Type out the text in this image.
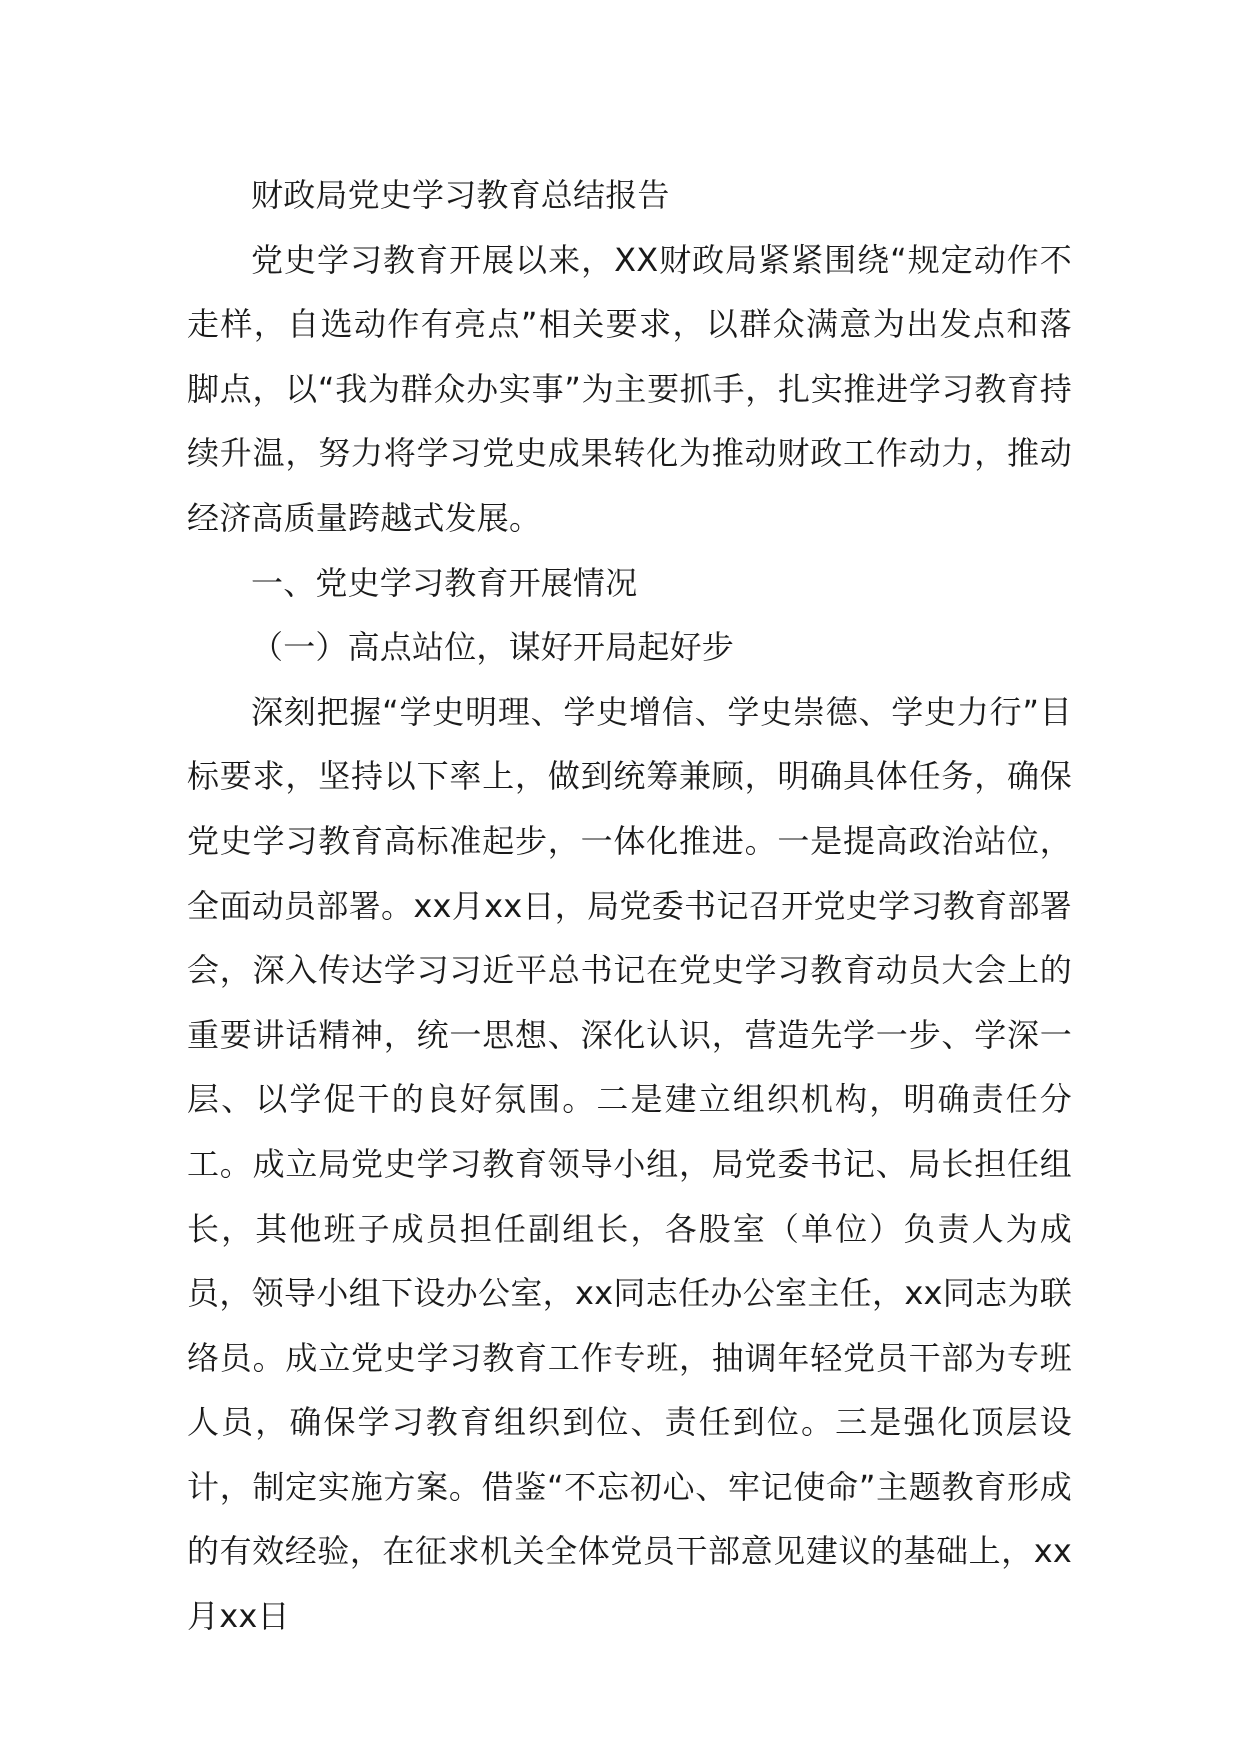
财政局党史学习教育总结报告

党史学习教育开展以来，XX财政局紧紧围绕“规定动作不走样，自选动作有亮点”相关要求，以群众满意为出发点和落脚点，以“我为群众办实事”为主要抓手，扎实推进学习教育持续升温，努力将学习党史成果转化为推动财政工作动力，推动经济高质量跨越式发展。

一、党史学习教育开展情况

（一）高点站位，谋好开局起好步

深刻把握“学史明理、学史增信、学史崇德、学史力行”目标要求，坚持以下率上，做到统筹兼顾，明确具体任务，确保党史学习教育高标准起步，一体化推进。一是提高政治站位，全面动员部署。xx月xx日，局党委书记召开党史学习教育部署会，深入传达学习习近平总书记在党史学习教育动员大会上的重要讲话精神，统一思想、深化认识，营造先学一步、学深一层、以学促干的良好氛围。二是建立组织机构，明确责任分工。成立局党史学习教育领导小组，局党委书记、局长担任组长，其他班子成员担任副组长，各股室（单位）负责人为成员，领导小组下设办公室，xx同志任办公室主任，xx同志为联络员。成立党史学习教育工作专班，抽调年轻党员干部为专班人员，确保学习教育组织到位、责任到位。三是强化顶层设计，制定实施方案。借鉴“不忘初心、牢记使命”主题教育形成的有效经验，在征求机关全体党员干部意见建议的基础上，xx月xx日
